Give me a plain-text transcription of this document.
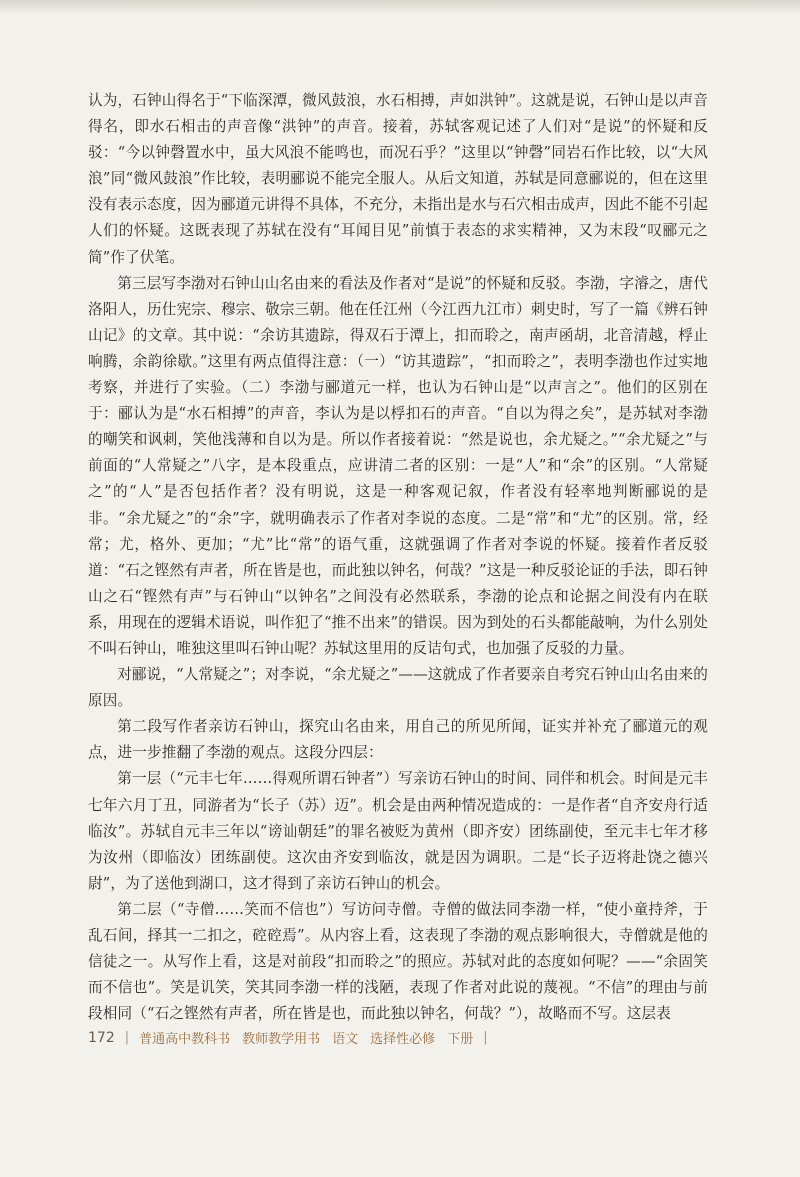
认为，石钟山得名于“下临深潭，微风鼓浪，水石相搏，声如洪钟”。这就是说，石钟山是以声音得名，即水石相击的声音像“洪钟”的声音。接着，苏轼客观记述了人们对“是说”的怀疑和反驳：“今以钟磬置水中，虽大风浪不能鸣也，而况石乎？”这里以“钟磬”同岩石作比较，以“大风浪”同“微风鼓浪”作比较，表明郦说不能完全服人。从后文知道，苏轼是同意郦说的，但在这里没有表示态度，因为郦道元讲得不具体，不充分，未指出是水与石穴相击成声，因此不能不引起人们的怀疑。这既表现了苏轼在没有“耳闻目见”前慎于表态的求实精神，又为末段“叹郦元之简”作了伏笔。

第三层写李渤对石钟山山名由来的看法及作者对“是说”的怀疑和反驳。李渤，字濬之，唐代洛阳人，历仕宪宗、穆宗、敬宗三朝。他在任江州（今江西九江市）刺史时，写了一篇《辨石钟山记》的文章。其中说：“余访其遗踪，得双石于潭上，扣而聆之，南声函胡，北音清越，桴止响腾，余韵徐歇。”这里有两点值得注意：（一）“访其遗踪”，“扣而聆之”，表明李渤也作过实地考察，并进行了实验。（二）李渤与郦道元一样，也认为石钟山是“以声言之”。他们的区别在于：郦认为是“水石相搏”的声音，李认为是以桴扣石的声音。“自以为得之矣”，是苏轼对李渤的嘲笑和讽刺，笑他浅薄和自以为是。所以作者接着说：“然是说也，余尤疑之。”“余尤疑之”与前面的“人常疑之”八字，是本段重点，应讲清二者的区别：一是“人”和“余”的区别。“人常疑之”的“人”是否包括作者？没有明说，这是一种客观记叙，作者没有轻率地判断郦说的是非。“余尤疑之”的“余”字，就明确表示了作者对李说的态度。二是“常”和“尤”的区别。常，经常；尤，格外、更加；“尤”比“常”的语气重，这就强调了作者对李说的怀疑。接着作者反驳道：“石之铿然有声者，所在皆是也，而此独以钟名，何哉？”这是一种反驳论证的手法，即石钟山之石“铿然有声”与石钟山“以钟名”之间没有必然联系，李渤的论点和论据之间没有内在联系，用现在的逻辑术语说，叫作犯了“推不出来”的错误。因为到处的石头都能敲响，为什么别处不叫石钟山，唯独这里叫石钟山呢？苏轼这里用的反诘句式，也加强了反驳的力量。

对郦说，“人常疑之”；对李说，“余尤疑之”——这就成了作者要亲自考究石钟山山名由来的原因。

第二段写作者亲访石钟山，探究山名由来，用自己的所见所闻，证实并补充了郦道元的观点，进一步推翻了李渤的观点。这段分四层：

第一层（“元丰七年……得观所谓石钟者”）写亲访石钟山的时间、同伴和机会。时间是元丰七年六月丁丑，同游者为“长子（苏）迈”。机会是由两种情况造成的：一是作者“自齐安舟行适临汝”。苏轼自元丰三年以“谤讪朝廷”的罪名被贬为黄州（即齐安）团练副使，至元丰七年才移为汝州（即临汝）团练副使。这次由齐安到临汝，就是因为调职。二是“长子迈将赴饶之德兴尉”，为了送他到湖口，这才得到了亲访石钟山的机会。

第二层（“寺僧……笑而不信也”）写访问寺僧。寺僧的做法同李渤一样，“使小童持斧，于乱石间，择其一二扣之，硿硿焉”。从内容上看，这表现了李渤的观点影响很大，寺僧就是他的信徒之一。从写作上看，这是对前段“扣而聆之”的照应。苏轼对此的态度如何呢？——“余固笑而不信也”。笑是讥笑，笑其同李渤一样的浅陋，表现了作者对此说的蔑视。“不信”的理由与前段相同（“石之铿然有声者，所在皆是也，而此独以钟名，何哉？”），故略而不写。这层表

172 | 普通高中教科书 教师教学用书 语文 选择性必修 下册 |
